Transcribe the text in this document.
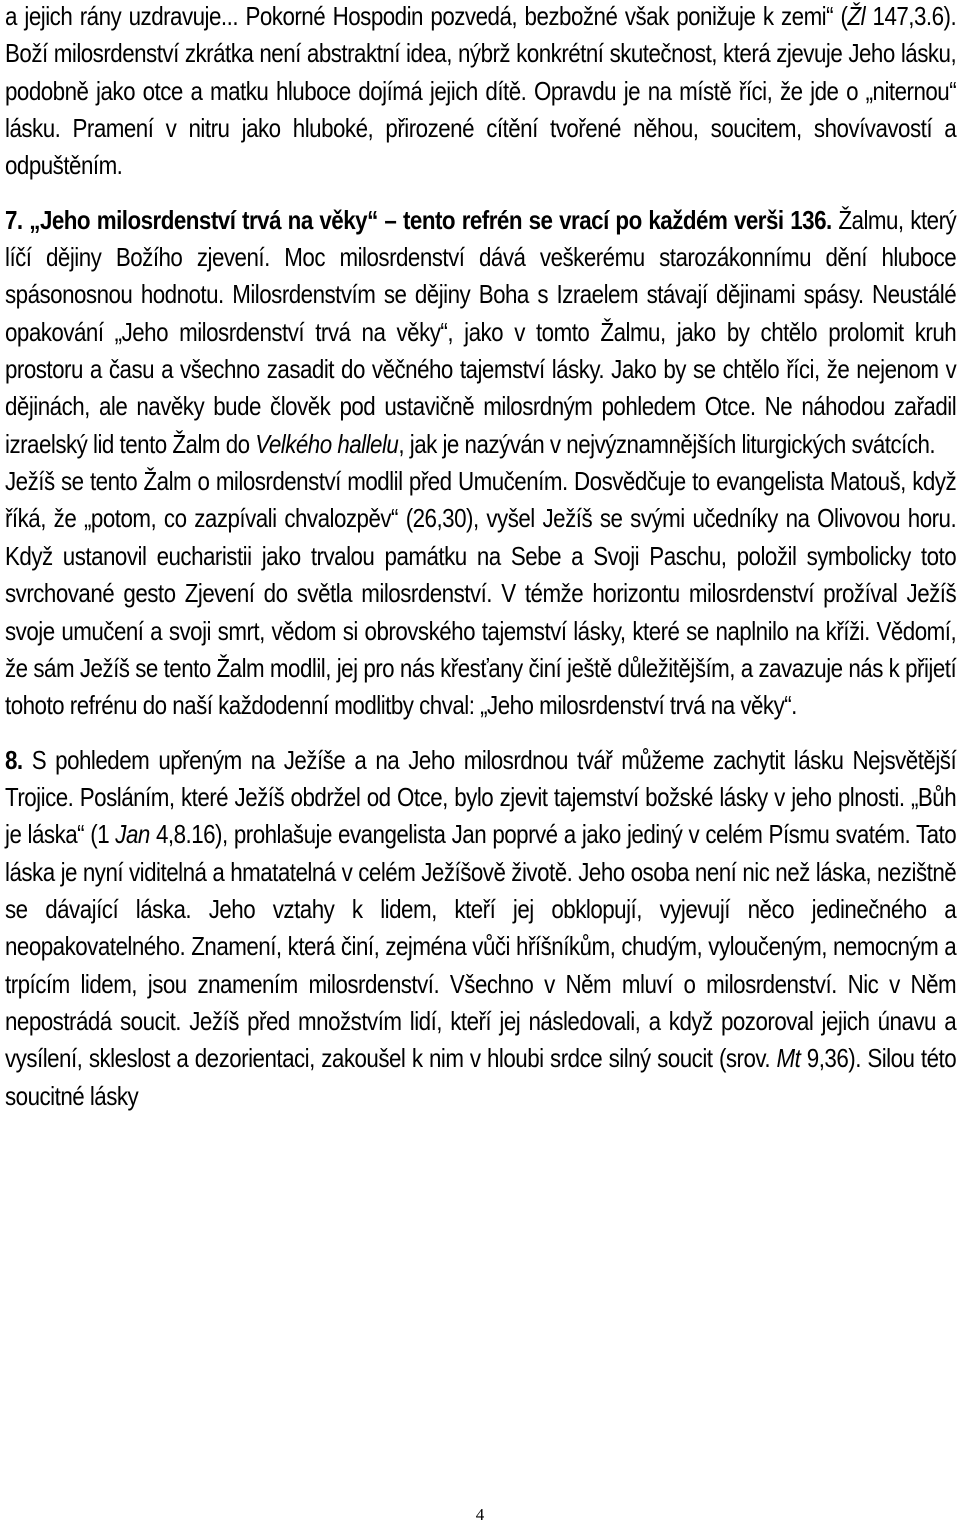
a jejich rány uzdravuje... Pokorné Hospodin pozvedá, bezbožné však ponižuje k zemi“ (Žl 147,3.6). Boží milosrdenství zkrátka není abstraktní idea, nýbrž konkrétní skutečnost, která zjevuje Jeho lásku, podobně jako otce a matku hluboce dojímá jejich dítě. Opravdu je na místě říci, že jde o „niternou“ lásku. Pramení v nitru jako hluboké, přirozené cítění tvořené něhou, soucitem, shovívavostí a odpuštěním.

7. „Jeho milosrdenství trvá na věky“ – tento refrén se vrací po každém verši 136. Žalmu, který líčí dějiny Božího zjevení. Moc milosrdenství dává veškerému starozákonnímu dění hluboce spásonosnou hodnotu. Milosrdenstvím se dějiny Boha s Izraelem stávají dějinami spásy. Neustálé opakování „Jeho milosrdenství trvá na věky“, jako v tomto Žalmu, jako by chtělo prolomit kruh prostoru a času a všechno zasadit do věčného tajemství lásky. Jako by se chtělo říci, že nejenom v dějinách, ale navěky bude člověk pod ustavičně milosrdným pohledem Otce. Ne náhodou zařadil izraelský lid tento Žalm do Velkého hallelu, jak je nazýván v nejvýznamnějších liturgických svátcích.

Ježíš se tento Žalm o milosrdenství modlil před Umučením. Dosvědčuje to evangelista Matouš, když říká, že „potom, co zazpívali chvalozpěv“ (26,30), vyšel Ježíš se svými učedníky na Olivovou horu. Když ustanovil eucharistii jako trvalou památku na Sebe a Svoji Paschu, položil symbolicky toto svrchované gesto Zjevení do světla milosrdenství. V témže horizontu milosrdenství prožíval Ježíš svoje umučení a svoji smrt, vědom si obrovského tajemství lásky, které se naplnilo na kříži. Vědomí, že sám Ježíš se tento Žalm modlil, jej pro nás křesťany činí ještě důležitějším, a zavazuje nás k přijetí tohoto refrénu do naší každodenní modlitby chval: „Jeho milosrdenství trvá na věky“.

8. S pohledem upřeným na Ježíše a na Jeho milosrdnou tvář můžeme zachytit lásku Nejsvětější Trojice. Posláním, které Ježíš obdržel od Otce, bylo zjevit tajemství božské lásky v jeho plnosti. „Bůh je láska“ (1 Jan 4,8.16), prohlašuje evangelista Jan poprvé a jako jediný v celém Písmu svatém. Tato láska je nyní viditelná a hmatatelná v celém Ježíšově životě. Jeho osoba není nic než láska, nezištně se dávající láska. Jeho vztahy k lidem, kteří jej obklopují, vyjevují něco jedinečného a neopakovatelného. Znamení, která činí, zejména vůči hříšníkům, chudým, vyloučeným, nemocným a trpícím lidem, jsou znamením milosrdenství. Všechno v Něm mluví o milosrdenství. Nic v Něm nepostrádá soucit. Ježíš před množstvím lidí, kteří jej následovali, a když pozoroval jejich únavu a vysílení, skleslost a dezorientaci, zakoušel k nim v hloubi srdce silný soucit (srov. Mt 9,36). Silou této soucitné lásky

4
